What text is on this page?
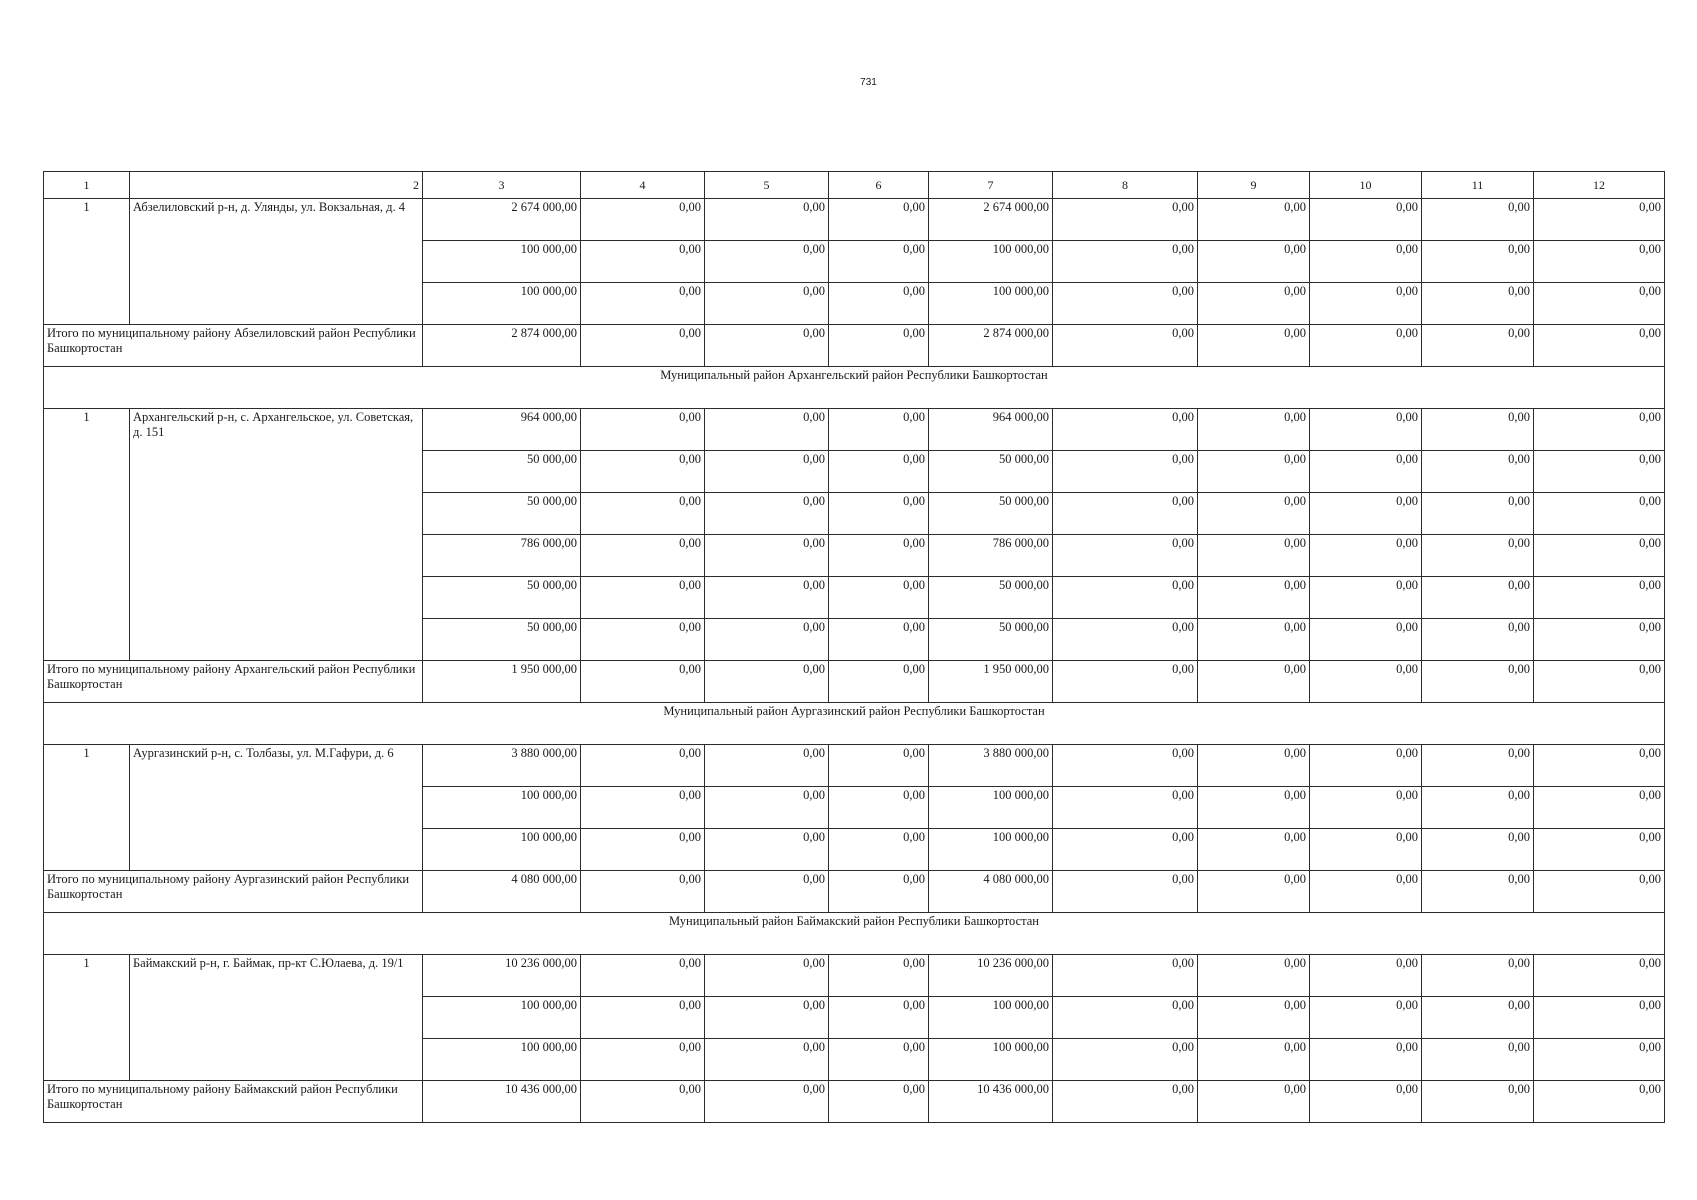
731
1	2	3	4	5	6	7	8	9	10	11	12
1	Абзелиловский р-н, д. Улянды, ул. Вокзальная, д. 4	2 674 000,00	0,00	0,00	0,00	2 674 000,00	0,00	0,00	0,00	0,00	0,00
		100 000,00	0,00	0,00	0,00	100 000,00	0,00	0,00	0,00	0,00	0,00
		100 000,00	0,00	0,00	0,00	100 000,00	0,00	0,00	0,00	0,00	0,00
Итого по муниципальному району Абзелиловский район Республики Башкортостан		2 874 000,00	0,00	0,00	0,00	2 874 000,00	0,00	0,00	0,00	0,00	0,00
Муниципальный район Архангельский район Республики Башкортостан											
1	Архангельский р-н, с. Архангельское, ул. Советская, д. 151	964 000,00	0,00	0,00	0,00	964 000,00	0,00	0,00	0,00	0,00	0,00
		50 000,00	0,00	0,00	0,00	50 000,00	0,00	0,00	0,00	0,00	0,00
		50 000,00	0,00	0,00	0,00	50 000,00	0,00	0,00	0,00	0,00	0,00
		786 000,00	0,00	0,00	0,00	786 000,00	0,00	0,00	0,00	0,00	0,00
		50 000,00	0,00	0,00	0,00	50 000,00	0,00	0,00	0,00	0,00	0,00
		50 000,00	0,00	0,00	0,00	50 000,00	0,00	0,00	0,00	0,00	0,00
Итого по муниципальному району Архангельский район Республики Башкортостан		1 950 000,00	0,00	0,00	0,00	1 950 000,00	0,00	0,00	0,00	0,00	0,00
Муниципальный район Аургазинский район Республики Башкортостан											
1	Аургазинский р-н, с. Толбазы, ул. М.Гафури, д. 6	3 880 000,00	0,00	0,00	0,00	3 880 000,00	0,00	0,00	0,00	0,00	0,00
		100 000,00	0,00	0,00	0,00	100 000,00	0,00	0,00	0,00	0,00	0,00
		100 000,00	0,00	0,00	0,00	100 000,00	0,00	0,00	0,00	0,00	0,00
Итого по муниципальному району Аургазинский район Республики Башкортостан		4 080 000,00	0,00	0,00	0,00	4 080 000,00	0,00	0,00	0,00	0,00	0,00
Муниципальный район Баймакский район Республики Башкортостан											
1	Баймакский р-н, г. Баймак, пр-кт С.Юлаева, д. 19/1	10 236 000,00	0,00	0,00	0,00	10 236 000,00	0,00	0,00	0,00	0,00	0,00
		100 000,00	0,00	0,00	0,00	100 000,00	0,00	0,00	0,00	0,00	0,00
		100 000,00	0,00	0,00	0,00	100 000,00	0,00	0,00	0,00	0,00	0,00
Итого по муниципальному району Баймакский район Республики Башкортостан		10 436 000,00	0,00	0,00	0,00	10 436 000,00	0,00	0,00	0,00	0,00	0,00
